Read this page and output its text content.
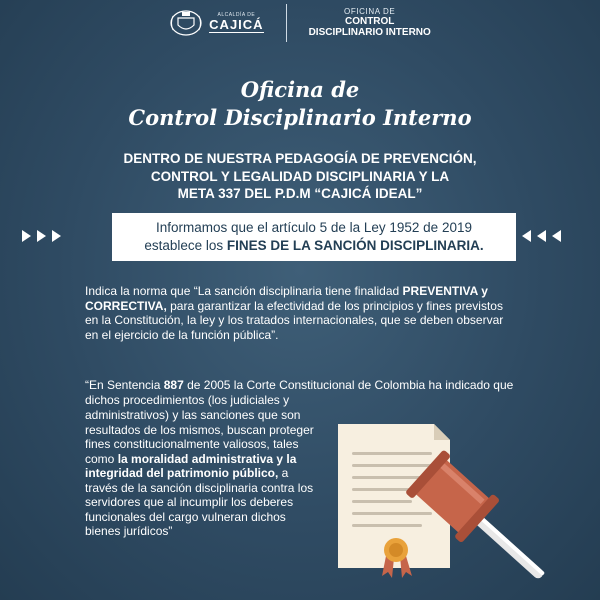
ALCALDÍA DE
CAJICÁ
OFICINA DE
CONTROL
DISCIPLINARIO INTERNO
Oficina de
Control Disciplinario Interno
DENTRO DE NUESTRA PEDAGOGÍA DE PREVENCIÓN,
CONTROL Y LEGALIDAD DISCIPLINARIA Y LA
META 337 DEL P.D.M “CAJICÁ IDEAL”
Informamos que el artículo 5 de la Ley 1952 de 2019
establece los FINES DE LA SANCIÓN DISCIPLINARIA.
Indica la norma que “La sanción disciplinaria tiene finalidad PREVENTIVA y CORRECTIVA, para garantizar la efectividad de los principios y fines previstos en la Constitución, la ley y los tratados internacionales, que se deben observar en el ejercicio de la función pública”.
“En Sentencia 887 de 2005 la Corte Constitucional de Colombia ha indicado que dichos procedimientos (los judiciales y
administrativos) y las sanciones que son resultados de los mismos, buscan proteger fines constitucionalmente valiosos, tales como la moralidad administrativa y la integridad del patrimonio público, a través de la sanción disciplinaria contra los servidores que al incumplir los deberes funcionales del cargo vulneran dichos bienes jurídicos”
